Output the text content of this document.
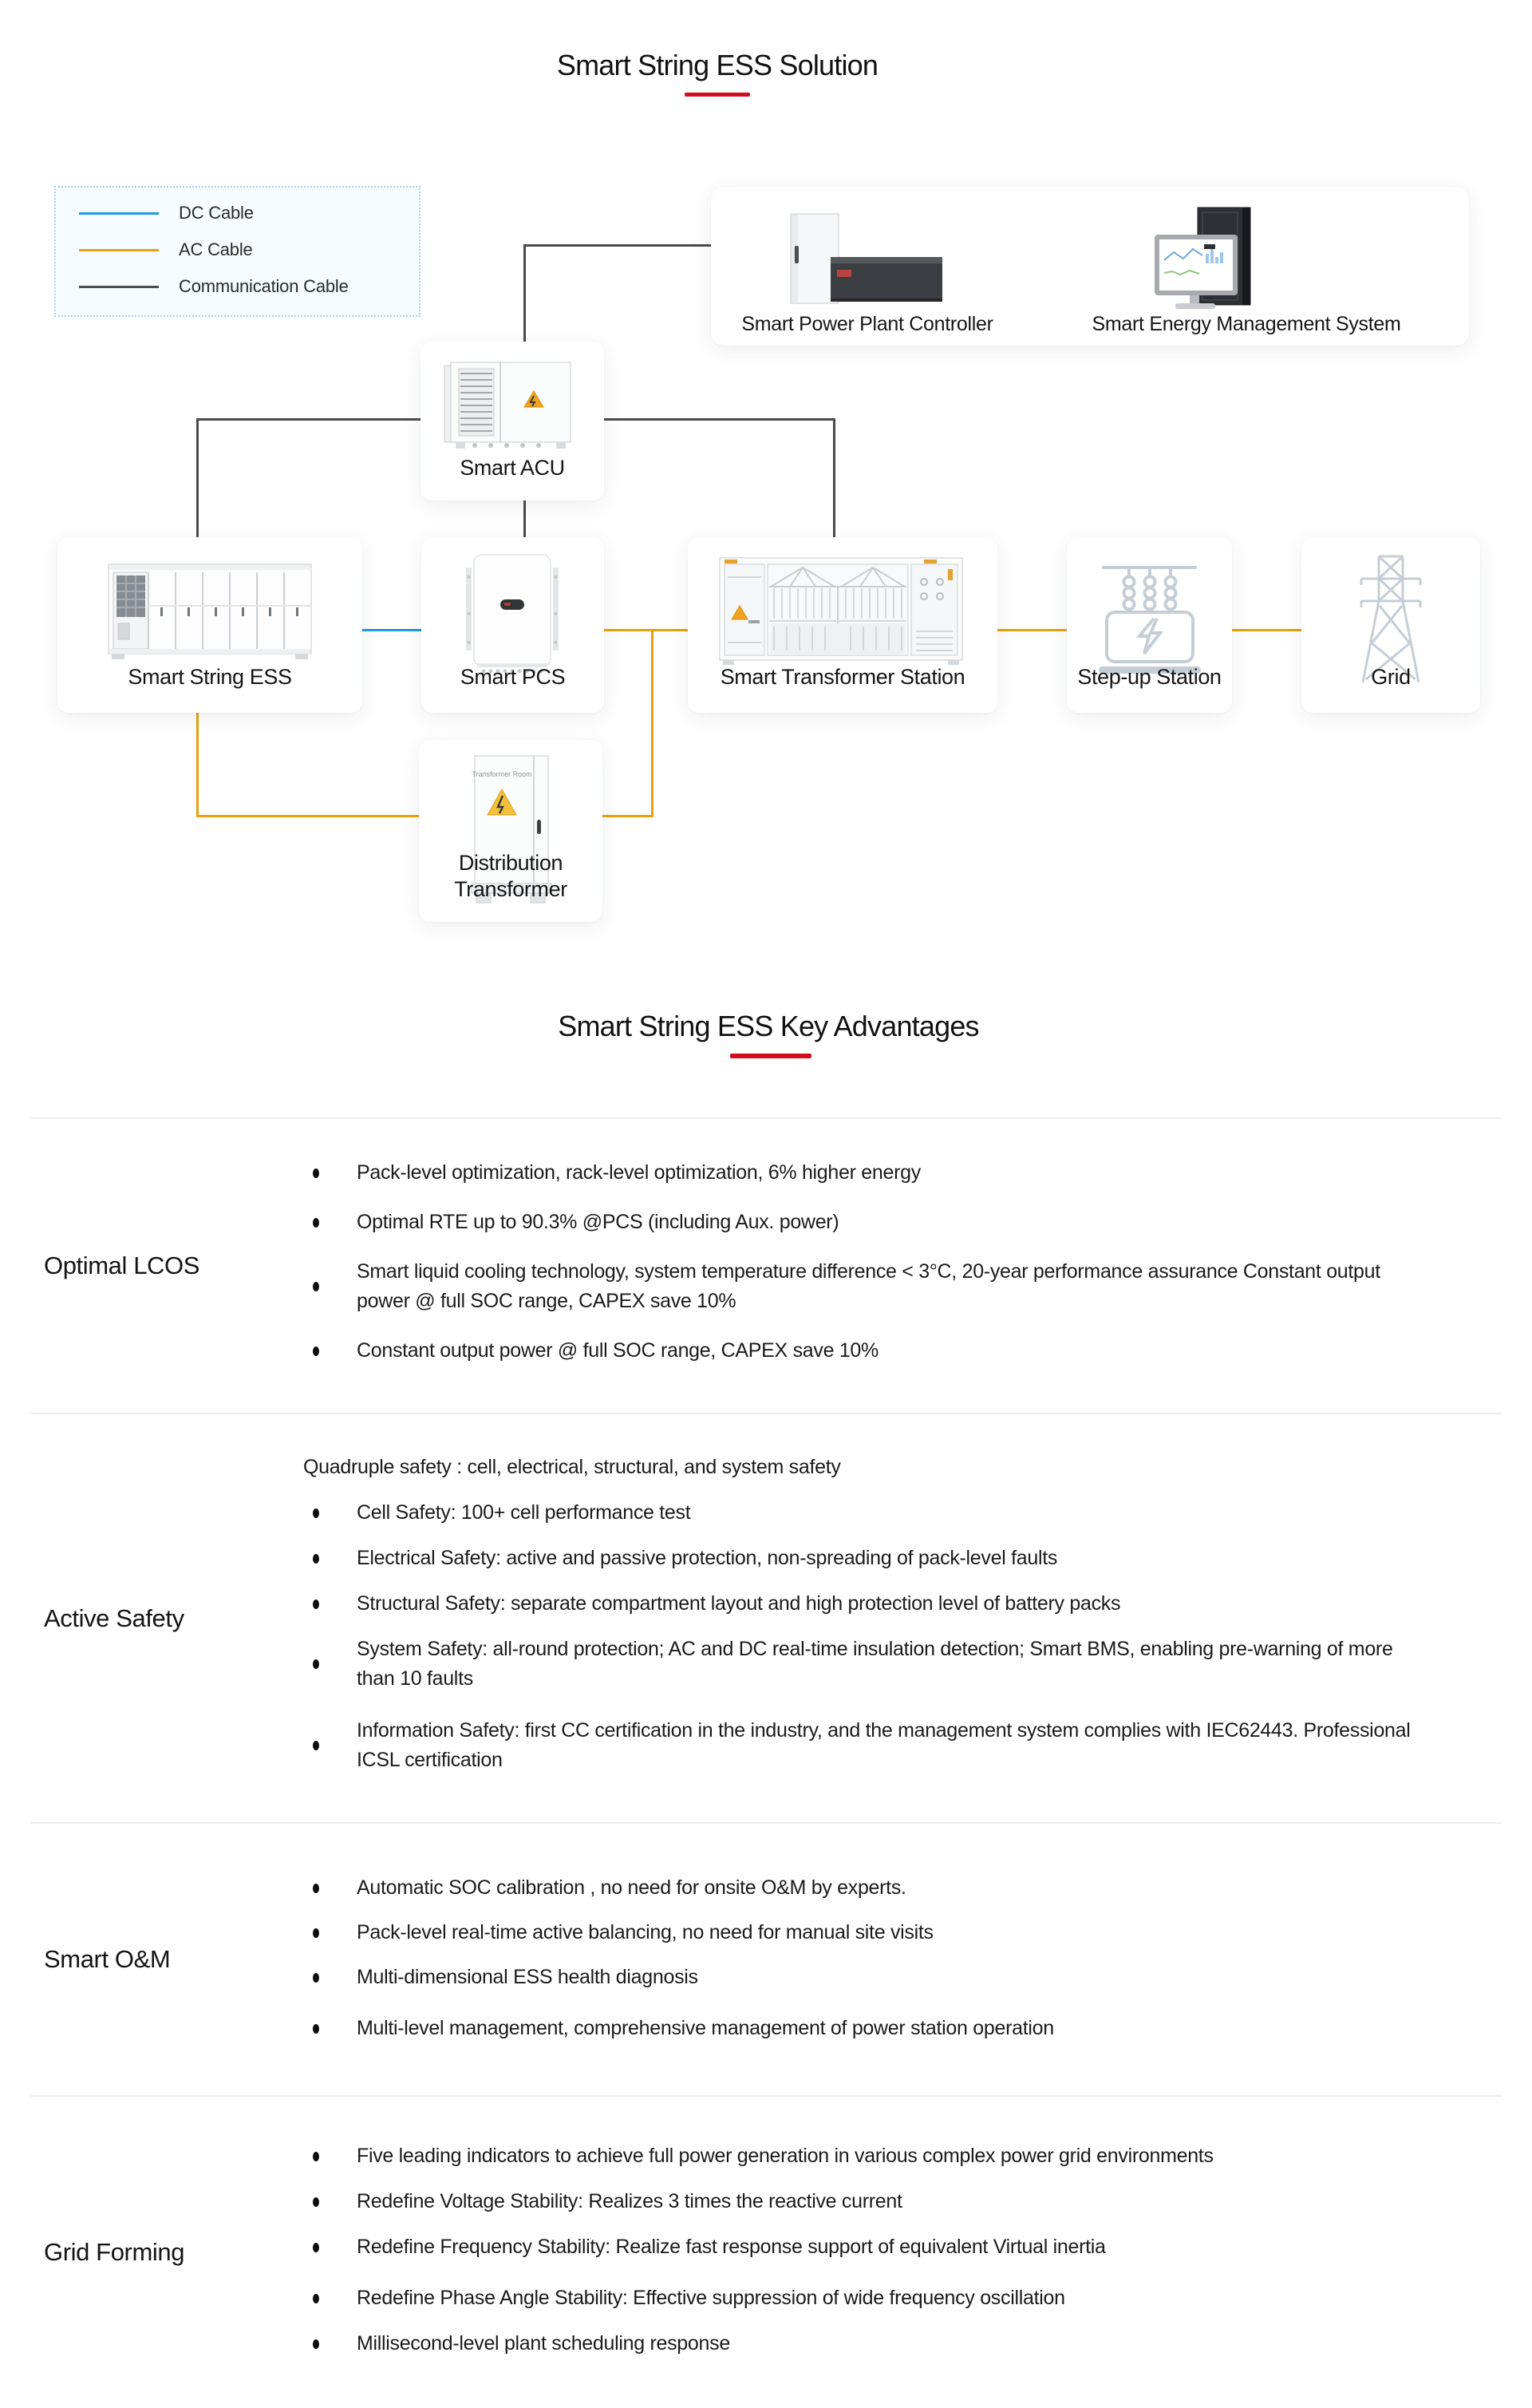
Smart String ESS Solution
DC Cable
AC Cable
Communication Cable
Smart Power Plant Controller	Smart Energy Management System
Smart ACU
Smart String ESS	Smart PCS	Smart Transformer Station	Step-up Station	Grid
Transformer Room
Distribution Transformer
Smart String ESS Key Advantages
Optimal LCOS
Pack-level optimization, rack-level optimization, 6% higher energy
Optimal RTE up to 90.3% @PCS (including Aux. power)
Smart liquid cooling technology, system temperature difference < 3°C, 20-year performance assurance Constant output power @ full SOC range, CAPEX save 10%
Constant output power @ full SOC range, CAPEX save 10%
Active Safety
Quadruple safety : cell, electrical, structural, and system safety
Cell Safety: 100+ cell performance test
Electrical Safety: active and passive protection, non-spreading of pack-level faults
Structural Safety: separate compartment layout and high protection level of battery packs
System Safety: all-round protection; AC and DC real-time insulation detection; Smart BMS, enabling pre-warning of more than 10 faults
Information Safety: first CC certification in the industry, and the management system complies with IEC62443. Professional ICSL certification
Smart O&M
Automatic SOC calibration , no need for onsite O&M by experts.
Pack-level real-time active balancing, no need for manual site visits
Multi-dimensional ESS health diagnosis
Multi-level management, comprehensive management of power station operation
Grid Forming
Five leading indicators to achieve full power generation in various complex power grid environments
Redefine Voltage Stability: Realizes 3 times the reactive current
Redefine Frequency Stability: Realize fast response support of equivalent Virtual inertia
Redefine Phase Angle Stability: Effective suppression of wide frequency oscillation
Millisecond-level plant scheduling response
